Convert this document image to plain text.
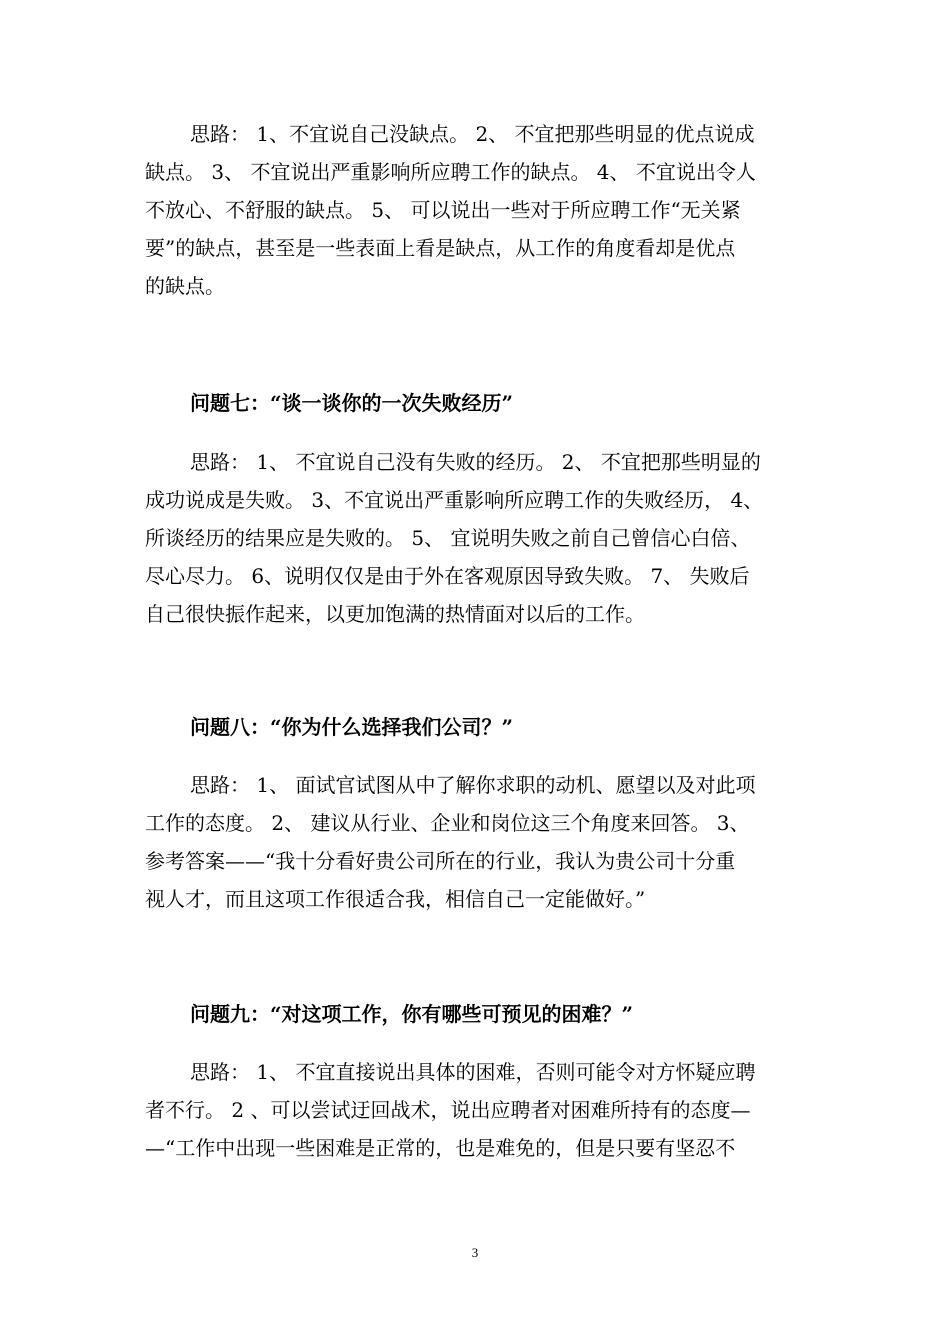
思路： 1、不宜说自己没缺点。 2、 不宜把那些明显的优点说成
缺点。 3、 不宜说出严重影响所应聘工作的缺点。 4、 不宜说出令人
不放心、不舒服的缺点。 5、 可以说出一些对于所应聘工作“无关紧
要”的缺点，甚至是一些表面上看是缺点，从工作的角度看却是优点
的缺点。
问题七：“谈一谈你的一次失败经历”
思路： 1、 不宜说自己没有失败的经历。 2、 不宜把那些明显的
成功说成是失败。 3、不宜说出严重影响所应聘工作的失败经历， 4、
所谈经历的结果应是失败的。 5、 宜说明失败之前自己曾信心白倍、
尽心尽力。 6、说明仅仅是由于外在客观原因导致失败。 7、 失败后
自己很快振作起来，以更加饱满的热情面对以后的工作。
问题八：“你为什么选择我们公司？”
思路： 1、 面试官试图从中了解你求职的动机、愿望以及对此项
工作的态度。 2、 建议从行业、企业和岗位这三个角度来回答。 3、
参考答案——“我十分看好贵公司所在的行业，我认为贵公司十分重
视人才，而且这项工作很适合我，相信自己一定能做好。”
问题九：“对这项工作，你有哪些可预见的困难？”
思路： 1、 不宜直接说出具体的困难，否则可能令对方怀疑应聘
者不行。 2 、可以尝试迂回战术，说出应聘者对困难所持有的态度—
—“工作中出现一些困难是正常的，也是难免的，但是只要有坚忍不
3
